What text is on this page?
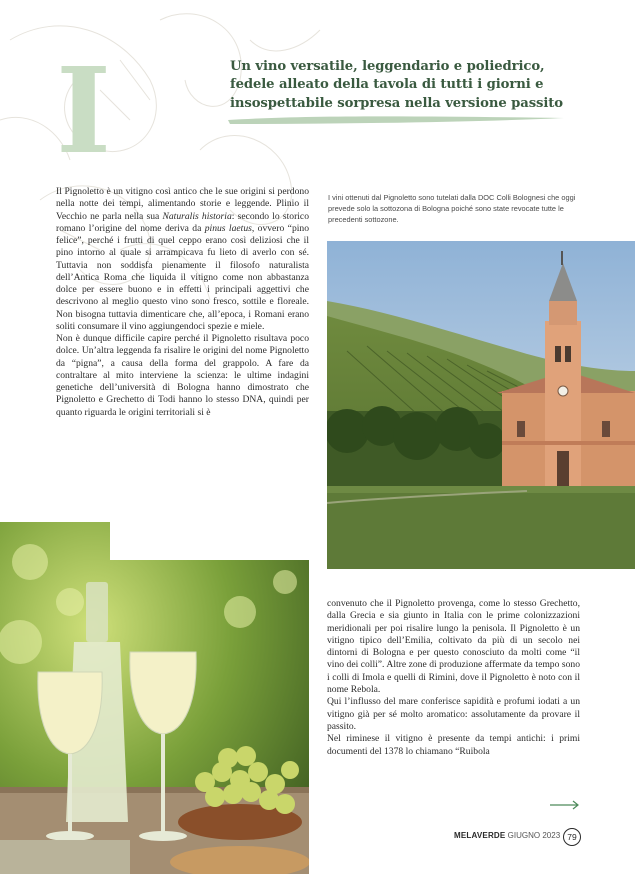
I	Un vino versatile, leggendario e poliedrico,
fedele alleato della tavola di tutti i giorni e
insospettabile sorpresa nella versione passito

Il Pignoletto è un vitigno così antico che le sue origini si perdono nella notte dei tempi, alimentando storie e leggende. Plinio il Vecchio ne parla nella sua Naturalis historia: secondo lo storico romano l’origine del nome deriva da pinus laetus, ovvero “pino felice”, perché i frutti di quel ceppo erano così deliziosi che il pino intorno al quale si arrampicava fu lieto di averlo con sé. Tuttavia non soddisfa pienamente il filosofo naturalista dell’Antica Roma che liquida il vitigno come non abbastanza dolce per essere buono e in effetti i principali aggettivi che descrivono al meglio questo vino sono fresco, sottile e floreale. Non bisogna tuttavia dimenticare che, all’epoca, i Romani erano soliti consumare il vino aggiungendoci spezie e miele.

Non è dunque difficile capire perché il Pignoletto risultava poco dolce. Un’altra leggenda fa risalire le origini del nome Pignoletto da “pigna”, a causa della forma del grappolo. A fare da contraltare al mito interviene la scienza: le ultime indagini genetiche dell’università di Bologna hanno dimostrato che Pignoletto e Grechetto di Todi hanno lo stesso DNA, quindi per quanto riguarda le origini territoriali si è

I vini ottenuti dal Pignoletto sono tutelati dalla DOC Colli Bolognesi che oggi prevede solo la sottozona di Bologna poiché sono state revocate tutte le precedenti sottozone.

convenuto che il Pignoletto provenga, come lo stesso Grechetto, dalla Grecia e sia giunto in Italia con le prime colonizzazioni meridionali per poi risalire lungo la penisola. Il Pignoletto è un vitigno tipico dell’Emilia, coltivato da più di un secolo nei dintorni di Bologna e per questo conosciuto da molti come “il vino dei colli”. Altre zone di produzione affermate da tempo sono i colli di Imola e quelli di Rimini, dove il Pignoletto è noto con il nome Rebola.

Qui l’influsso del mare conferisce sapidità e profumi iodati a un vitigno già per sé molto aromatico: assolutamente da provare il passito.

Nel riminese il vitigno è presente da tempi antichi: i primi documenti del 1378 lo chiamano “Ruibola

MELAVERDE GIUGNO 2023 79
